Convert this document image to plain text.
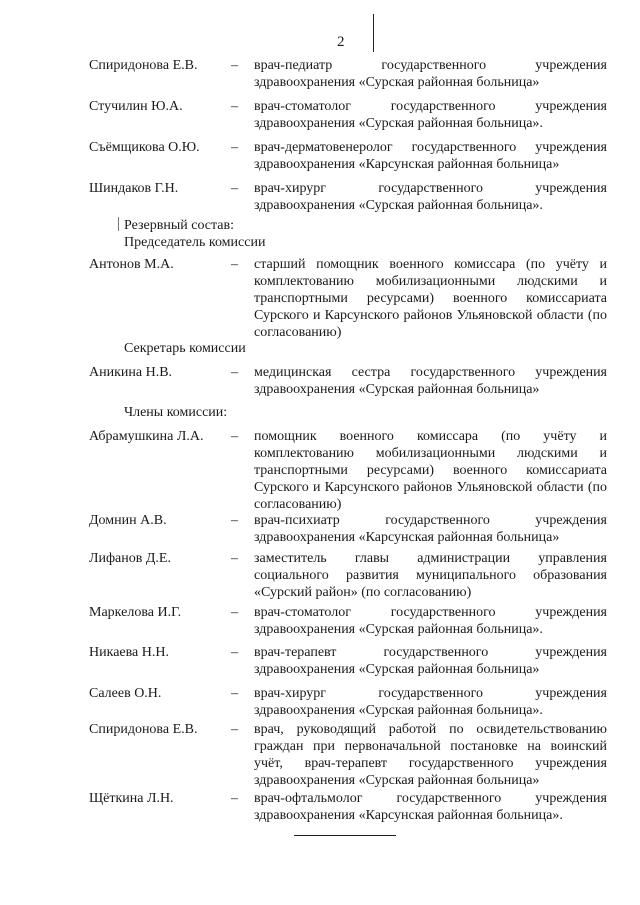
2
Спиридонова Е.В. – врач-педиатр государственного учреждения здравоохранения «Сурская районная больница»
Стучилин Ю.А.	– врач-стоматолог государственного учреждения здравоохранения «Сурская районная больница».
Съёмщикова О.Ю. – врач-дерматовенеролог государственного учреждения здравоохранения «Карсунская районная больница»
Шиндаков Г.Н.	– врач-хирург государственного учреждения здравоохранения «Сурская районная больница».
Резервный состав:
Председатель комиссии
Антонов М.А.	– старший помощник военного комиссара (по учёту и комплектованию мобилизационными людскими и транспортными ресурсами) военного комиссариата Сурского и Карсунского районов Ульяновской области (по согласованию)
Секретарь комиссии
Аникина Н.В.	– медицинская сестра государственного учреждения здравоохранения «Сурская районная больница»
Члены комиссии:
Абрамушкина Л.А. – помощник военного комиссара (по учёту и комплектованию мобилизационными людскими и транспортными ресурсами) военного комиссариата Сурского и Карсунского районов Ульяновской области (по согласованию)
Домнин А.В.	– врач-психиатр государственного учреждения здравоохранения «Карсунская районная больница»
Лифанов Д.Е.	– заместитель главы администрации управления социального развития муниципального образования «Сурский район» (по согласованию)
Маркелова И.Г.	– врач-стоматолог государственного учреждения здравоохранения «Сурская районная больница».
Никаева Н.Н.	– врач-терапевт государственного учреждения здравоохранения «Сурская районная больница»
Салеев О.Н.	– врач-хирург государственного учреждения здравоохранения «Сурская районная больница».
Спиридонова Е.В. – врач, руководящий работой по освидетельствованию граждан при первоначальной постановке на воинский учёт, врач-терапевт государственного учреждения здравоохранения «Сурская районная больница»
Щёткина Л.Н.	– врач-офтальмолог государственного учреждения здравоохранения «Карсунская районная больница».
